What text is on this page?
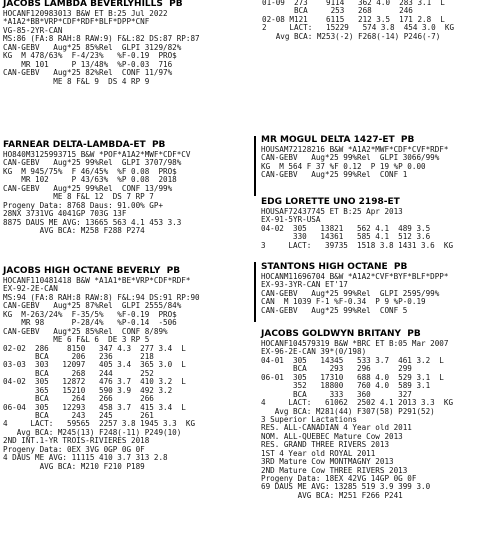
JACOBS LAMBDA BEVERLYHILLS  PB
HOCANF120983013 B&W ET B:25 Jul 2022
*A1A2*BB*VRP*CDF*RDF*BLF*DPP*CNF
VG-85-2YR-CAN
MS:86 (FA:8 RAH:8 RAW:9) F&L:82 DS:87 RP:87
CAN-GEBV   Aug*25 85%Rel  GLPI 3129/82%
KG  M 478/63%  F-4/23%   %F-0.19  PRO$
MR 101     P 13/48%  %P-0.03  716
CAN-GEBV   Aug*25 82%Rel  CONF 11/97%
ME 8 F&L 9  DS 4 RP 9
FARNEAR DELTA-LAMBDA-ET  PB
HO840M3125993715 B&W *POF*A1A2*MWF*CDF*CV
CAN-GEBV   Aug*25 99%Rel  GLPI 3707/98%
KG  M 945/75%  F 46/45%  %F 0.08  PRO$
MR 102     P 43/63%  %P 0.08  2018
CAN-GEBV   Aug*25 99%Rel  CONF 13/99%
ME 8 F&L 12  DS 7 RP 7
Progeny Data: 8768 Daus: 91.00% GP+
28NX 3731VG 4041GP 703G 13F
8875 DAUS ME AVG: 13665 563 4.1 453 3.3
AVG BCA: M258 F288 P274
JACOBS HIGH OCTANE BEVERLY  PB
HOCANF110481418 B&W *A1A1*BE*VRP*CDF*RDF*
EX-92-2E-CAN
MS:94 (FA:8 RAH:8 RAW:8) F&L:94 DS:91 RP:90
CAN-GEBV   Aug*25 87%Rel  GLPI 2555/84%
KG  M-263/24%  F-35/5%   %F-0.19  PRO$
MR 98      P-28/4%   %P-0.14  -506
CAN-GEBV   Aug*25 85%Rel  CONF 8/89%
ME 6 F&L 6  DE 3 RP 5
02-02  286    8150   347 4.3  277 3.4  L
BCA     206   236      218
03-03  303   12097   405 3.4  365 3.0  L
BCA     268   244      252
04-02  305   12872   476 3.7  410 3.2  L
365   15210   590 3.9  492 3.2
BCA     264   266      266
06-04  305   12293   458 3.7  415 3.4  L
BCA     243   245      261
4     LACT:   59565  2257 3.8 1945 3.3  KG
Avg BCA: M245(13) F248(-11) P249(10)
2ND INT.1-YR TROIS-RIVIERES 2018
Progeny Data: 0EX 3VG 0GP 0G 0F
4 DAUS ME AVG: 11115 410 3.7 313 2.8
AVG BCA: M210 F210 P189
01-09  273    9114   362 4.0  283 3.1  L
BCA     253   268      246
02-08 M121    6115   212 3.5  171 2.8  L
2     LACT:   15229   574 3.8  454 3.0  KG
Avg BCA: M253(-2) F268(-14) P246(-7)
MR MOGUL DELTA 1427-ET  PB
HOUSAM72128216 B&W *A1A2*MWF*CDF*CVF*RDF*
CAN-GEBV   Aug*25 99%Rel  GLPI 3066/99%
KG  M 564 F 37 %F 0.12  P 19 %P 0.00
CAN-GEBV   Aug*25 99%Rel  CONF 1
EDG LORETTE UNO 2198-ET
HOUSAF72437745 ET B:25 Apr 2013
EX-91-5YR-USA
04-02  305   13821   562 4.1  489 3.5
330   14361   585 4.1  512 3.6
3     LACT:   39735  1518 3.8 1431 3.6  KG
STANTONS HIGH OCTANE  PB
HOCANM11696704 B&W *A1A2*CVF*BYF*BLF*DPP*
EX-93-3YR-CAN ET'17
CAN-GEBV   Aug*25 99%Rel  GLPI 2595/99%
CAN  M 1039 F-1 %F-0.34  P 9 %P-0.19
CAN-GEBV   Aug*25 99%Rel  CONF 5
JACOBS GOLDWYN BRITANY  PB
HOCANF104579319 B&W *BRC ET B:05 Mar 2007
EX-96-2E-CAN 39*(0/198)
04-01  305   14345   533 3.7  461 3.2  L
BCA     293   296      299
06-01  305   17310   688 4.0  529 3.1  L
352   18800   760 4.0  589 3.1
BCA     333   360      327
4     LACT:   61062  2502 4.1 2013 3.3  KG
Avg BCA: M281(44) F307(58) P291(52)
3 Superior Lactations
RES. ALL-CANADIAN 4 Year old 2011
NOM. ALL-QUEBEC Mature Cow 2013
RES. GRAND THREE RIVERS 2013
1ST 4 Year old ROYAL 2011
3RD Mature Cow MONTMAGNY 2013
2ND Mature Cow THREE RIVERS 2013
Progeny Data: 18EX 42VG 14GP 0G 0F
69 DAUS ME AVG: 13285 519 3.9 399 3.0
AVG BCA: M251 F266 P241
